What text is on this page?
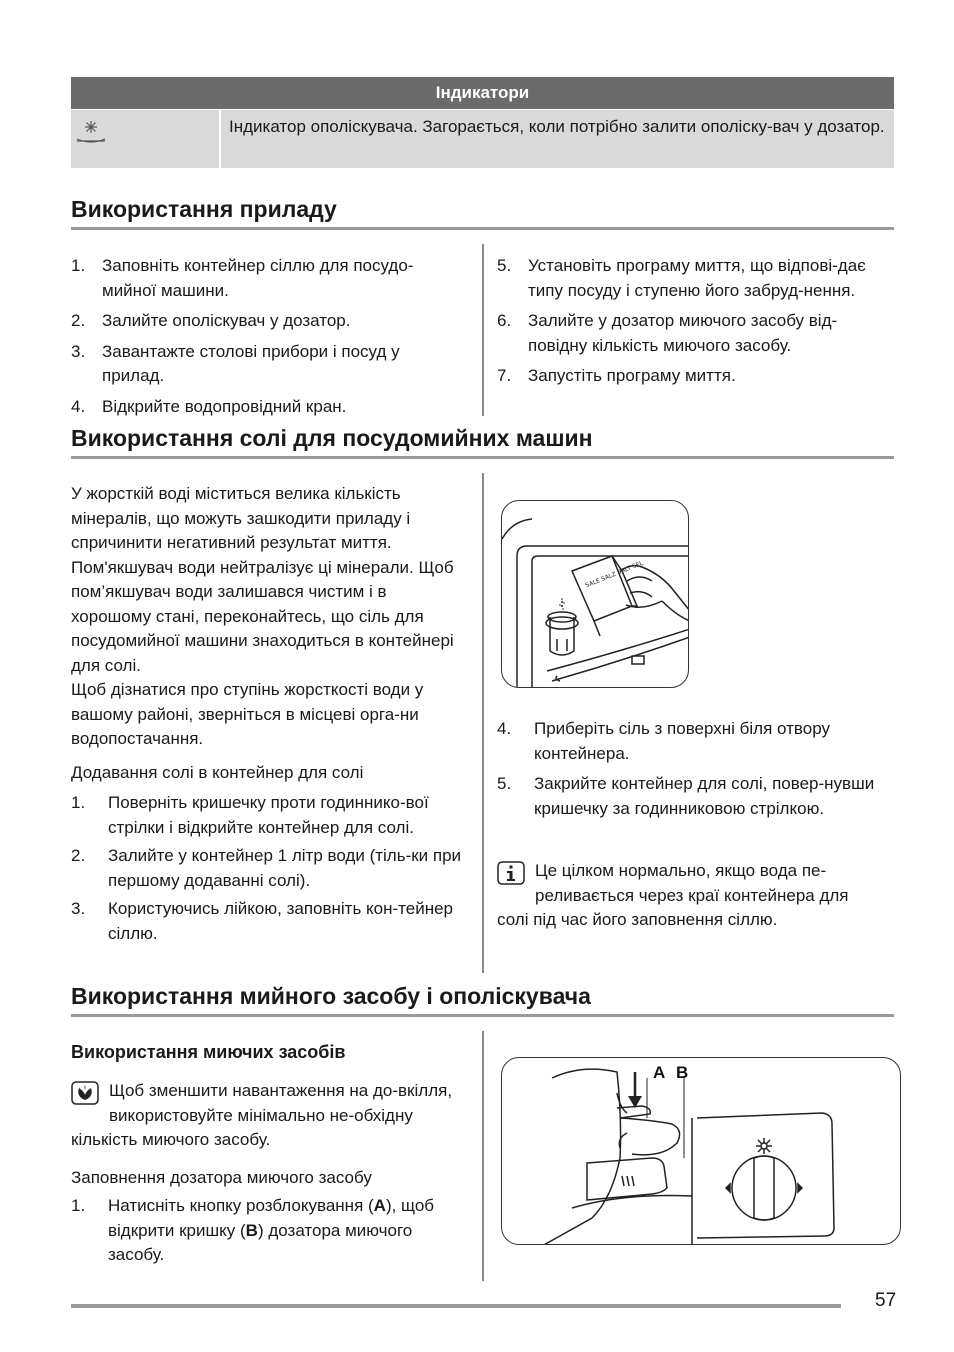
Індикатори
Індикатор ополіскувача. Загорається, коли потрібно залити ополіску-вач у дозатор.
Використання приладу
1. Заповніть контейнер сіллю для посудо-мийної машини.
2. Залийте ополіскувач у дозатор.
3. Завантажте столові прибори і посуд у прилад.
4. Відкрийте водопровідний кран.
5. Установіть програму миття, що відпові-дає типу посуду і ступеню його забруд-нення.
6. Залийте у дозатор миючого засобу від-повідну кількість миючого засобу.
7. Запустіть програму миття.
Використання солі для посудомийних машин
У жорсткій воді міститься велика кількість мінералів, що можуть зашкодити приладу і спричинити негативний результат миття. Пом'якшувач води нейтралізує ці мінерали. Щоб пом’якшувач води залишався чистим і в хорошому стані, переконайтесь, що сіль для посудомийної машини знаходиться в контейнері для солі.
Щоб дізнатися про ступінь жорсткості води у вашому районі, зверніться в місцеві орга-ни водопостачання.
Додавання солі в контейнер для солі
1.	Поверніть кришечку проти годиннико-вої стрілки і відкрийте контейнер для солі.
2.	Залийте у контейнер 1 літр води (тіль-ки при першому додаванні солі).
3.	Користуючись лійкою, заповніть кон-тейнер сіллю.
SALE SALZ SALT SEL
4.	Приберіть сіль з поверхні біля отвору контейнера.
5.	Закрийте контейнер для солі, повер-нувши кришечку за годинниковою стрілкою.
Це цілком нормально, якщо вода пе-реливається через краї контейнера для солі під час його заповнення сіллю.
Використання мийного засобу і ополіскувача
Використання миючих засобів
Щоб зменшити навантаження на до-вкілля, використовуйте мінімально не-обхідну кількість миючого засобу.
Заповнення дозатора миючого засобу
1.	Натисніть кнопку розблокування (A), щоб відкрити кришку (B) дозатора миючого засобу.
A B
57
